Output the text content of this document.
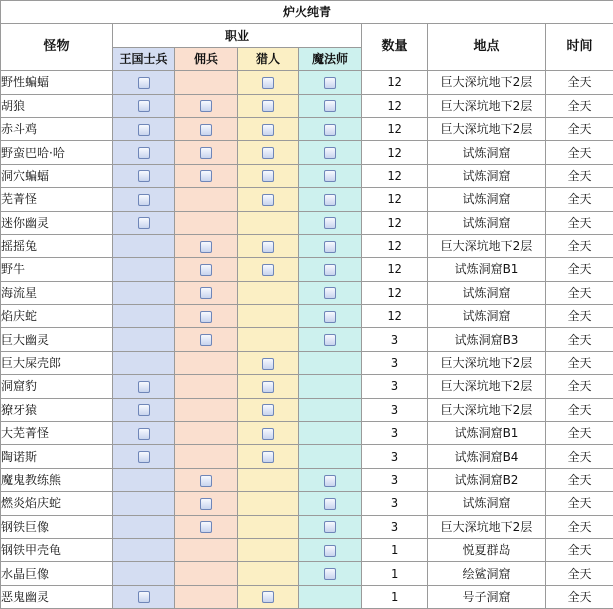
炉火纯青							
怪物	职业				数量	地点	时间
	王国士兵	佣兵	猎人	魔法师			
野性蝙蝠					12	巨大深坑地下2层	全天
胡狼					12	巨大深坑地下2层	全天
赤斗鸡					12	巨大深坑地下2层	全天
野蛮巴哈·哈					12	试炼洞窟	全天
洞穴蝙蝠					12	试炼洞窟	全天
芜菁怪					12	试炼洞窟	全天
迷你幽灵					12	试炼洞窟	全天
摇摇兔					12	巨大深坑地下2层	全天
野牛					12	试炼洞窟B1	全天
海流星					12	试炼洞窟	全天
焰庆蛇					12	试炼洞窟	全天
巨大幽灵					3	试炼洞窟B3	全天
巨大屎壳郎					3	巨大深坑地下2层	全天
洞窟豹					3	巨大深坑地下2层	全天
獠牙猿					3	巨大深坑地下2层	全天
大芜菁怪					3	试炼洞窟B1	全天
陶诺斯					3	试炼洞窟B4	全天
魔鬼教练熊					3	试炼洞窟B2	全天
燃炎焰庆蛇					3	试炼洞窟	全天
钢铁巨像					3	巨大深坑地下2层	全天
钢铁甲壳龟					1	悦夏群岛	全天
水晶巨像					1	绘鲨洞窟	全天
恶鬼幽灵					1	号子洞窟	全天
